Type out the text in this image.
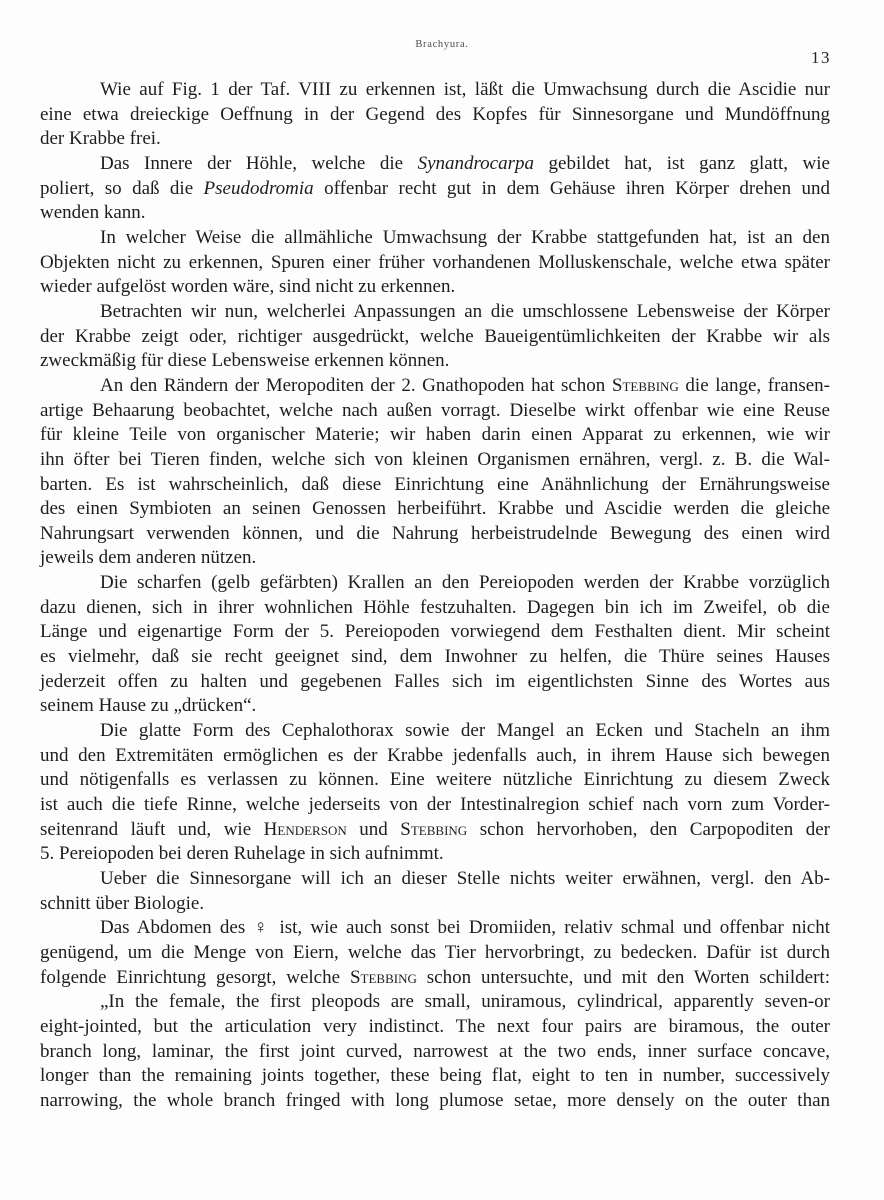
Brachyura.
13
Wie auf Fig. 1 der Taf. VIII zu erkennen ist, läßt die Umwachsung durch die Ascidie nur
eine etwa dreieckige Oeffnung in der Gegend des Kopfes für Sinnesorgane und Mundöffnung
der Krabbe frei.
Das Innere der Höhle, welche die Synandrocarpa gebildet hat, ist ganz glatt, wie
poliert, so daß die Pseudodromia offenbar recht gut in dem Gehäuse ihren Körper drehen und
wenden kann.
In welcher Weise die allmähliche Umwachsung der Krabbe stattgefunden hat, ist an den
Objekten nicht zu erkennen, Spuren einer früher vorhandenen Molluskenschale, welche etwa später
wieder aufgelöst worden wäre, sind nicht zu erkennen.
Betrachten wir nun, welcherlei Anpassungen an die umschlossene Lebensweise der Körper
der Krabbe zeigt oder, richtiger ausgedrückt, welche Baueigentümlichkeiten der Krabbe wir als
zweckmäßig für diese Lebensweise erkennen können.
An den Rändern der Meropoditen der 2. Gnathopoden hat schon Stebbing die lange, fransen-
artige Behaarung beobachtet, welche nach außen vorragt. Dieselbe wirkt offenbar wie eine Reuse
für kleine Teile von organischer Materie; wir haben darin einen Apparat zu erkennen, wie wir
ihn öfter bei Tieren finden, welche sich von kleinen Organismen ernähren, vergl. z. B. die Wal-
barten. Es ist wahrscheinlich, daß diese Einrichtung eine Anähnlichung der Ernährungsweise
des einen Symbioten an seinen Genossen herbeiführt. Krabbe und Ascidie werden die gleiche
Nahrungsart verwenden können, und die Nahrung herbeistrudelnde Bewegung des einen wird
jeweils dem anderen nützen.
Die scharfen (gelb gefärbten) Krallen an den Pereiopoden werden der Krabbe vorzüglich
dazu dienen, sich in ihrer wohnlichen Höhle festzuhalten. Dagegen bin ich im Zweifel, ob die
Länge und eigenartige Form der 5. Pereiopoden vorwiegend dem Festhalten dient. Mir scheint
es vielmehr, daß sie recht geeignet sind, dem Inwohner zu helfen, die Thüre seines Hauses
jederzeit offen zu halten und gegebenen Falles sich im eigentlichsten Sinne des Wortes aus
seinem Hause zu „drücken“.
Die glatte Form des Cephalothorax sowie der Mangel an Ecken und Stacheln an ihm
und den Extremitäten ermöglichen es der Krabbe jedenfalls auch, in ihrem Hause sich bewegen
und nötigenfalls es verlassen zu können. Eine weitere nützliche Einrichtung zu diesem Zweck
ist auch die tiefe Rinne, welche jederseits von der Intestinalregion schief nach vorn zum Vorder-
seitenrand läuft und, wie Henderson und Stebbing schon hervorhoben, den Carpopoditen der
5. Pereiopoden bei deren Ruhelage in sich aufnimmt.
Ueber die Sinnesorgane will ich an dieser Stelle nichts weiter erwähnen, vergl. den Ab-
schnitt über Biologie.
Das Abdomen des ♀ ist, wie auch sonst bei Dromiiden, relativ schmal und offenbar nicht
genügend, um die Menge von Eiern, welche das Tier hervorbringt, zu bedecken. Dafür ist durch
folgende Einrichtung gesorgt, welche Stebbing schon untersuchte, und mit den Worten schildert:
„In the female, the first pleopods are small, uniramous, cylindrical, apparently seven-or
eight-jointed, but the articulation very indistinct. The next four pairs are biramous, the outer
branch long, laminar, the first joint curved, narrowest at the two ends, inner surface concave,
longer than the remaining joints together, these being flat, eight to ten in number, successively
narrowing, the whole branch fringed with long plumose setae, more densely on the outer than
